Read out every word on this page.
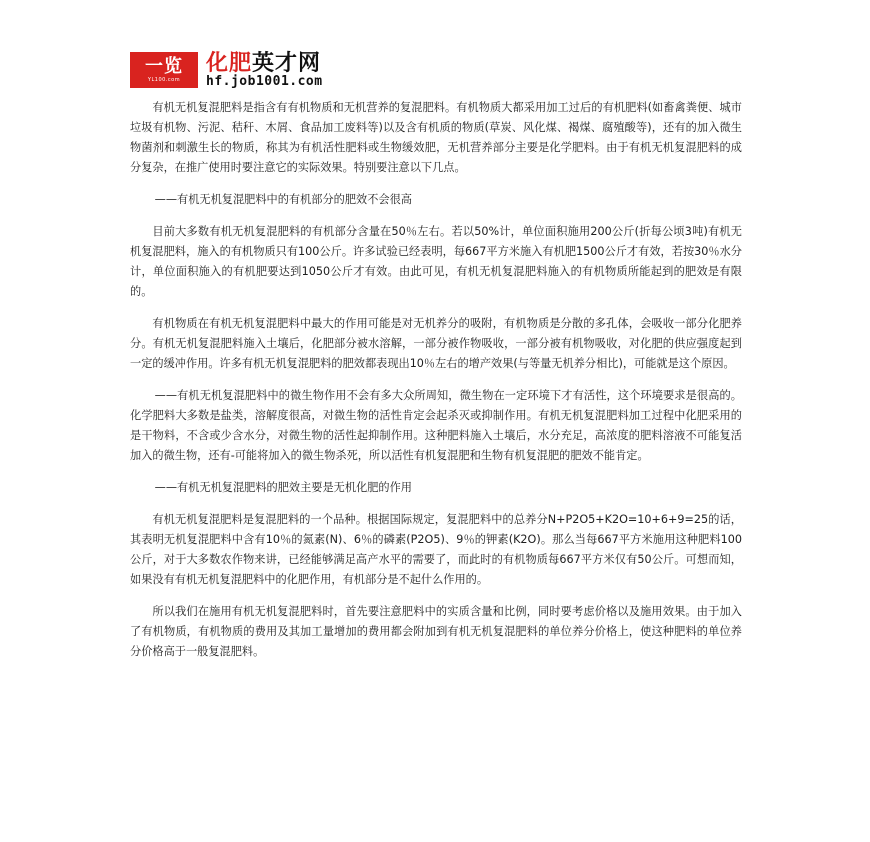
一览
YL100.com
化肥英才网
hf.job1001.com

有机无机复混肥料是指含有有机物质和无机营养的复混肥料。有机物质大都采用加工过后的有机肥料(如畜禽粪便、城市垃圾有机物、污泥、秸秆、木屑、食品加工废料等)以及含有机质的物质(草炭、风化煤、褐煤、腐殖酸等)，还有的加入微生物菌剂和刺激生长的物质，称其为有机活性肥料或生物缓效肥，无机营养部分主要是化学肥料。由于有机无机复混肥料的成分复杂，在推广使用时要注意它的实际效果。特别要注意以下几点。

——有机无机复混肥料中的有机部分的肥效不会很高

目前大多数有机无机复混肥料的有机部分含量在50％左右。若以50%计，单位面积施用200公斤(折每公顷3吨)有机无机复混肥料，施入的有机物质只有100公斤。许多试验已经表明，每667平方米施入有机肥1500公斤才有效，若按30％水分计，单位面积施入的有机肥要达到1050公斤才有效。由此可见，有机无机复混肥料施入的有机物质所能起到的肥效是有限的。

有机物质在有机无机复混肥料中最大的作用可能是对无机养分的吸附，有机物质是分散的多孔体，会吸收一部分化肥养分。有机无机复混肥料施入土壤后，化肥部分被水溶解，一部分被作物吸收，一部分被有机物吸收，对化肥的供应强度起到一定的缓冲作用。许多有机无机复混肥料的肥效都表现出10％左右的增产效果(与等量无机养分相比)，可能就是这个原因。

——有机无机复混肥料中的微生物作用不会有多大众所周知，微生物在一定环境下才有活性，这个环境要求是很高的。化学肥料大多数是盐类，溶解度很高，对微生物的活性肯定会起杀灭或抑制作用。有机无机复混肥料加工过程中化肥采用的是干物料，不含或少含水分，对微生物的活性起抑制作用。这种肥料施入土壤后，水分充足，高浓度的肥料溶液不可能复活加入的微生物，还有-可能将加入的微生物杀死，所以活性有机复混肥和生物有机复混肥的肥效不能肯定。

——有机无机复混肥料的肥效主要是无机化肥的作用

有机无机复混肥料是复混肥料的一个品种。根据国际规定，复混肥料中的总养分N+P2O5+K2O=10+6+9=25的话，其表明无机复混肥料中含有10％的氮素(N)、6％的磷素(P2O5)、9％的钾素(K2O)。那么当每667平方米施用这种肥料100公斤，对于大多数农作物来讲，已经能够满足高产水平的需要了，而此时的有机物质每667平方米仅有50公斤。可想而知，如果没有有机无机复混肥料中的化肥作用，有机部分是不起什么作用的。

所以我们在施用有机无机复混肥料时，首先要注意肥料中的实质含量和比例，同时要考虑价格以及施用效果。由于加入了有机物质，有机物质的费用及其加工量增加的费用都会附加到有机无机复混肥料的单位养分价格上，使这种肥料的单位养分价格高于一般复混肥料。
